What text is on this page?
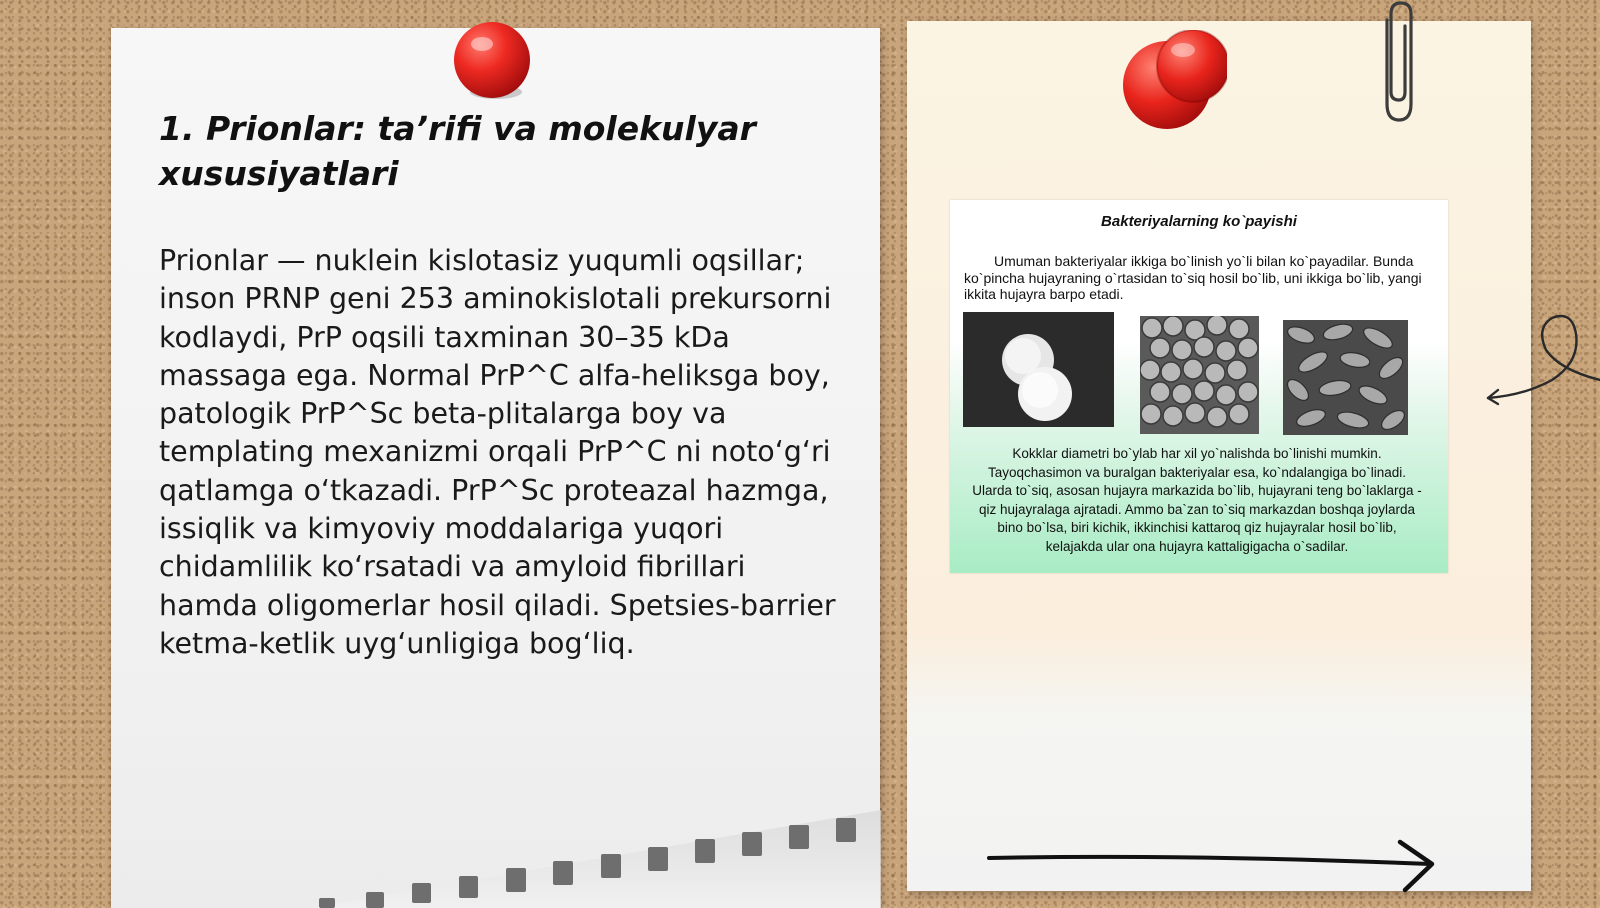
1. Prionlar: ta’rifi va molekulyar xususiyatlari

Prionlar — nuklein kislotasiz yuqumli oqsillar; inson PRNP geni 253 aminokislotali prekursorni kodlaydi, PrP oqsili taxminan 30–35 kDa massaga ega. Normal PrP^C alfa-heliksga boy, patologik PrP^Sc beta-plitalarga boy va templating mexanizmi orqali PrP^C ni noto‘g‘ri qatlamga o‘tkazadi. PrP^Sc proteazal hazmga, issiqlik va kimyoviy moddalariga yuqori chidamlilik ko‘rsatadi va amyloid fibrillari hamda oligomerlar hosil qiladi. Spetsies-barrier ketma-ketlik uyg‘unligiga bog‘liq.

Bakteriyalarning ko`payishi
Umuman bakteriyalar ikkiga bo`linish yo`li bilan ko`payadilar. Bunda ko`pincha hujayraning o`rtasidan to`siq hosil bo`lib, uni ikkiga bo`lib, yangi ikkita hujayra barpo etadi.
Kokklar diametri bo`ylab har xil yo`nalishda bo`linishi mumkin. Tayoqchasimon va buralgan bakteriyalar esa, ko`ndalangiga bo`linadi. Ularda to`siq, asosan hujayra markazida bo`lib, hujayrani teng bo`laklarga - qiz hujayralaga ajratadi. Ammo ba`zan to`siq markazdan boshqa joylarda bino bo`lsa, biri kichik, ikkinchisi kattaroq qiz hujayralar hosil bo`lib, kelajakda ular ona hujayra kattaligigacha o`sadilar.
